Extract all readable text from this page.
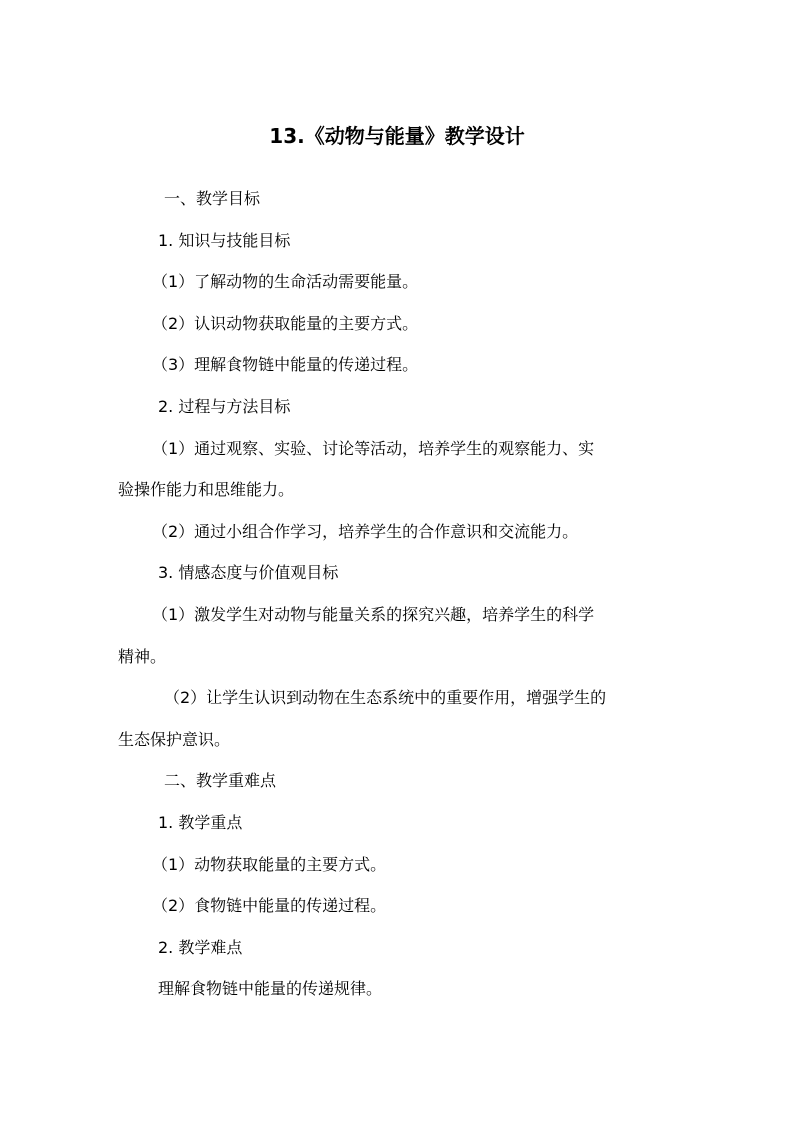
13.《动物与能量》教学设计
一、教学目标
1. 知识与技能目标
（1）了解动物的生命活动需要能量。
（2）认识动物获取能量的主要方式。
（3）理解食物链中能量的传递过程。
2. 过程与方法目标
（1）通过观察、实验、讨论等活动，培养学生的观察能力、实
验操作能力和思维能力。
（2）通过小组合作学习，培养学生的合作意识和交流能力。
3. 情感态度与价值观目标
（1）激发学生对动物与能量关系的探究兴趣，培养学生的科学
精神。
（2）让学生认识到动物在生态系统中的重要作用，增强学生的
生态保护意识。
二、教学重难点
1. 教学重点
（1）动物获取能量的主要方式。
（2）食物链中能量的传递过程。
2. 教学难点
理解食物链中能量的传递规律。
